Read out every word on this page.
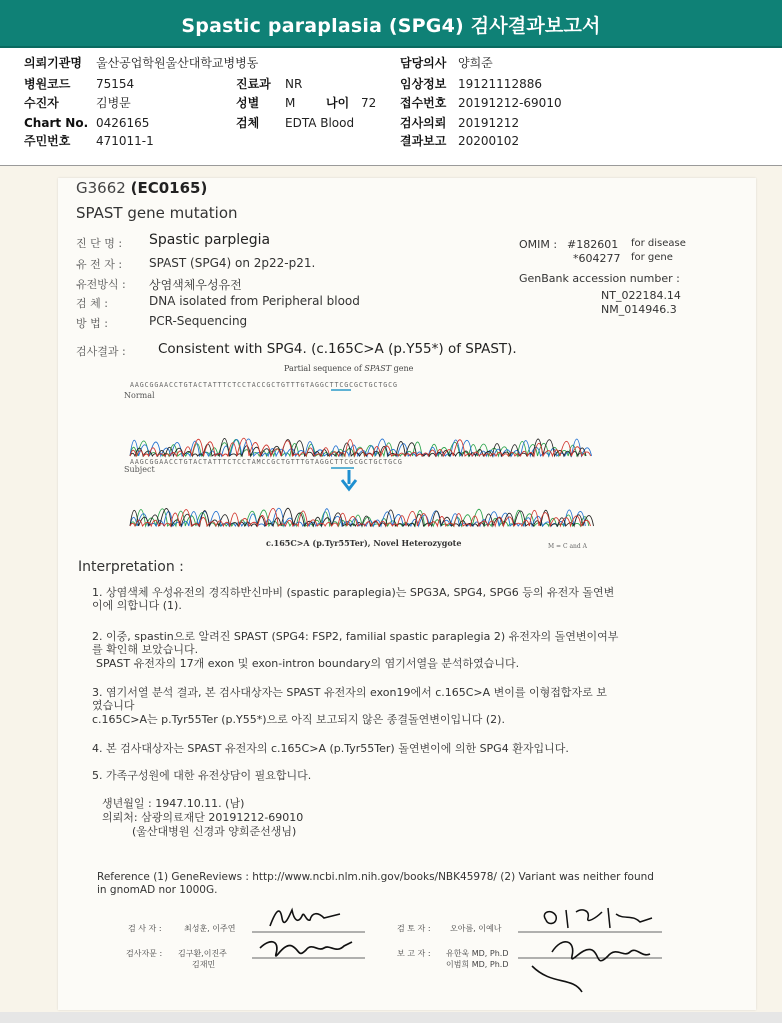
Spastic paraplasia (SPG4) 검사결과보고서
의뢰기관명 울산공업학원울산대학교병병동
병원코드 75154
수진자	김병문
Chart No. 0426165
주민번호 471011-1
진료과 NR
성별 M	나이 72
검체 EDTA Blood
담당의사 양희준
임상정보 19121112886
접수번호 20191212-69010
검사의뢰 20191212
결과보고 20200102
G3662 (EC0165)
SPAST gene mutation
진 단 명 : Spastic parplegia
유 전 자 : SPAST (SPG4) on 2p22-p21.
유전방식 : 상염색체우성유전
검 체 :	DNA isolated from Peripheral blood
방 법 :	PCR-Sequencing
OMIM : #182601 for disease
*604277 for gene
GenBank accession number :
NT_022184.14
NM_014946.3
검사결과 : Consistent with SPG4. (c.165C>A (p.Y55*) of SPAST).
Partial sequence of SPAST gene
AAGCGGAACCTGTACTATTTCTCCTACCGCTGTTTGTAGGCTTCGCGCTGCTGCG
Normal
AAGCGGAACCTGTACTATTTCTCCTAMCCGCTGTTTGTAGGCTTCGCGCTGCTGCG
Subject
c.165C>A (p.Tyr55Ter), Novel Heterozygote	M = C and A
Interpretation :
1. 상염색체 우성유전의 경직하반신마비 (spastic paraplegia)는 SPG3A, SPG4, SPG6 등의 유전자 돌연변
이에 의합니다 (1).
2. 이중, spastin으로 알려진 SPAST (SPG4: FSP2, familial spastic paraplegia 2) 유전자의 돌연변이여부
를 확인해 보았습니다.
SPAST 유전자의 17개 exon 및 exon-intron boundary의 염기서열을 분석하였습니다.
3. 염기서열 분석 결과, 본 검사대상자는 SPAST 유전자의 exon19에서 c.165C>A 변이를 이형접합자로 보
였습니다
c.165C>A는 p.Tyr55Ter (p.Y55*)으로 아직 보고되지 않은 종결돌연변이입니다 (2).
4. 본 검사대상자는 SPAST 유전자의 c.165C>A (p.Tyr55Ter) 돌연변이에 의한 SPG4 환자입니다.
5. 가족구성원에 대한 유전상담이 필요합니다.
생년월일 : 1947.10.11. (남)
의뢰처: 삼광의료재단 20191212-69010
(울산대병원 신경과 양희준선생님)
Reference (1) GeneReviews : http://www.ncbi.nlm.nih.gov/books/NBK45978/ (2) Variant was neither found
in gnomAD nor 1000G.
검 사 자 :	최성훈, 이주연
검사자문 : 김구환,이진주
김재민
검 토 자 : 오아름, 이예나
보 고 자 : 유한욱 MD, Ph.D
이범희 MD, Ph.D
